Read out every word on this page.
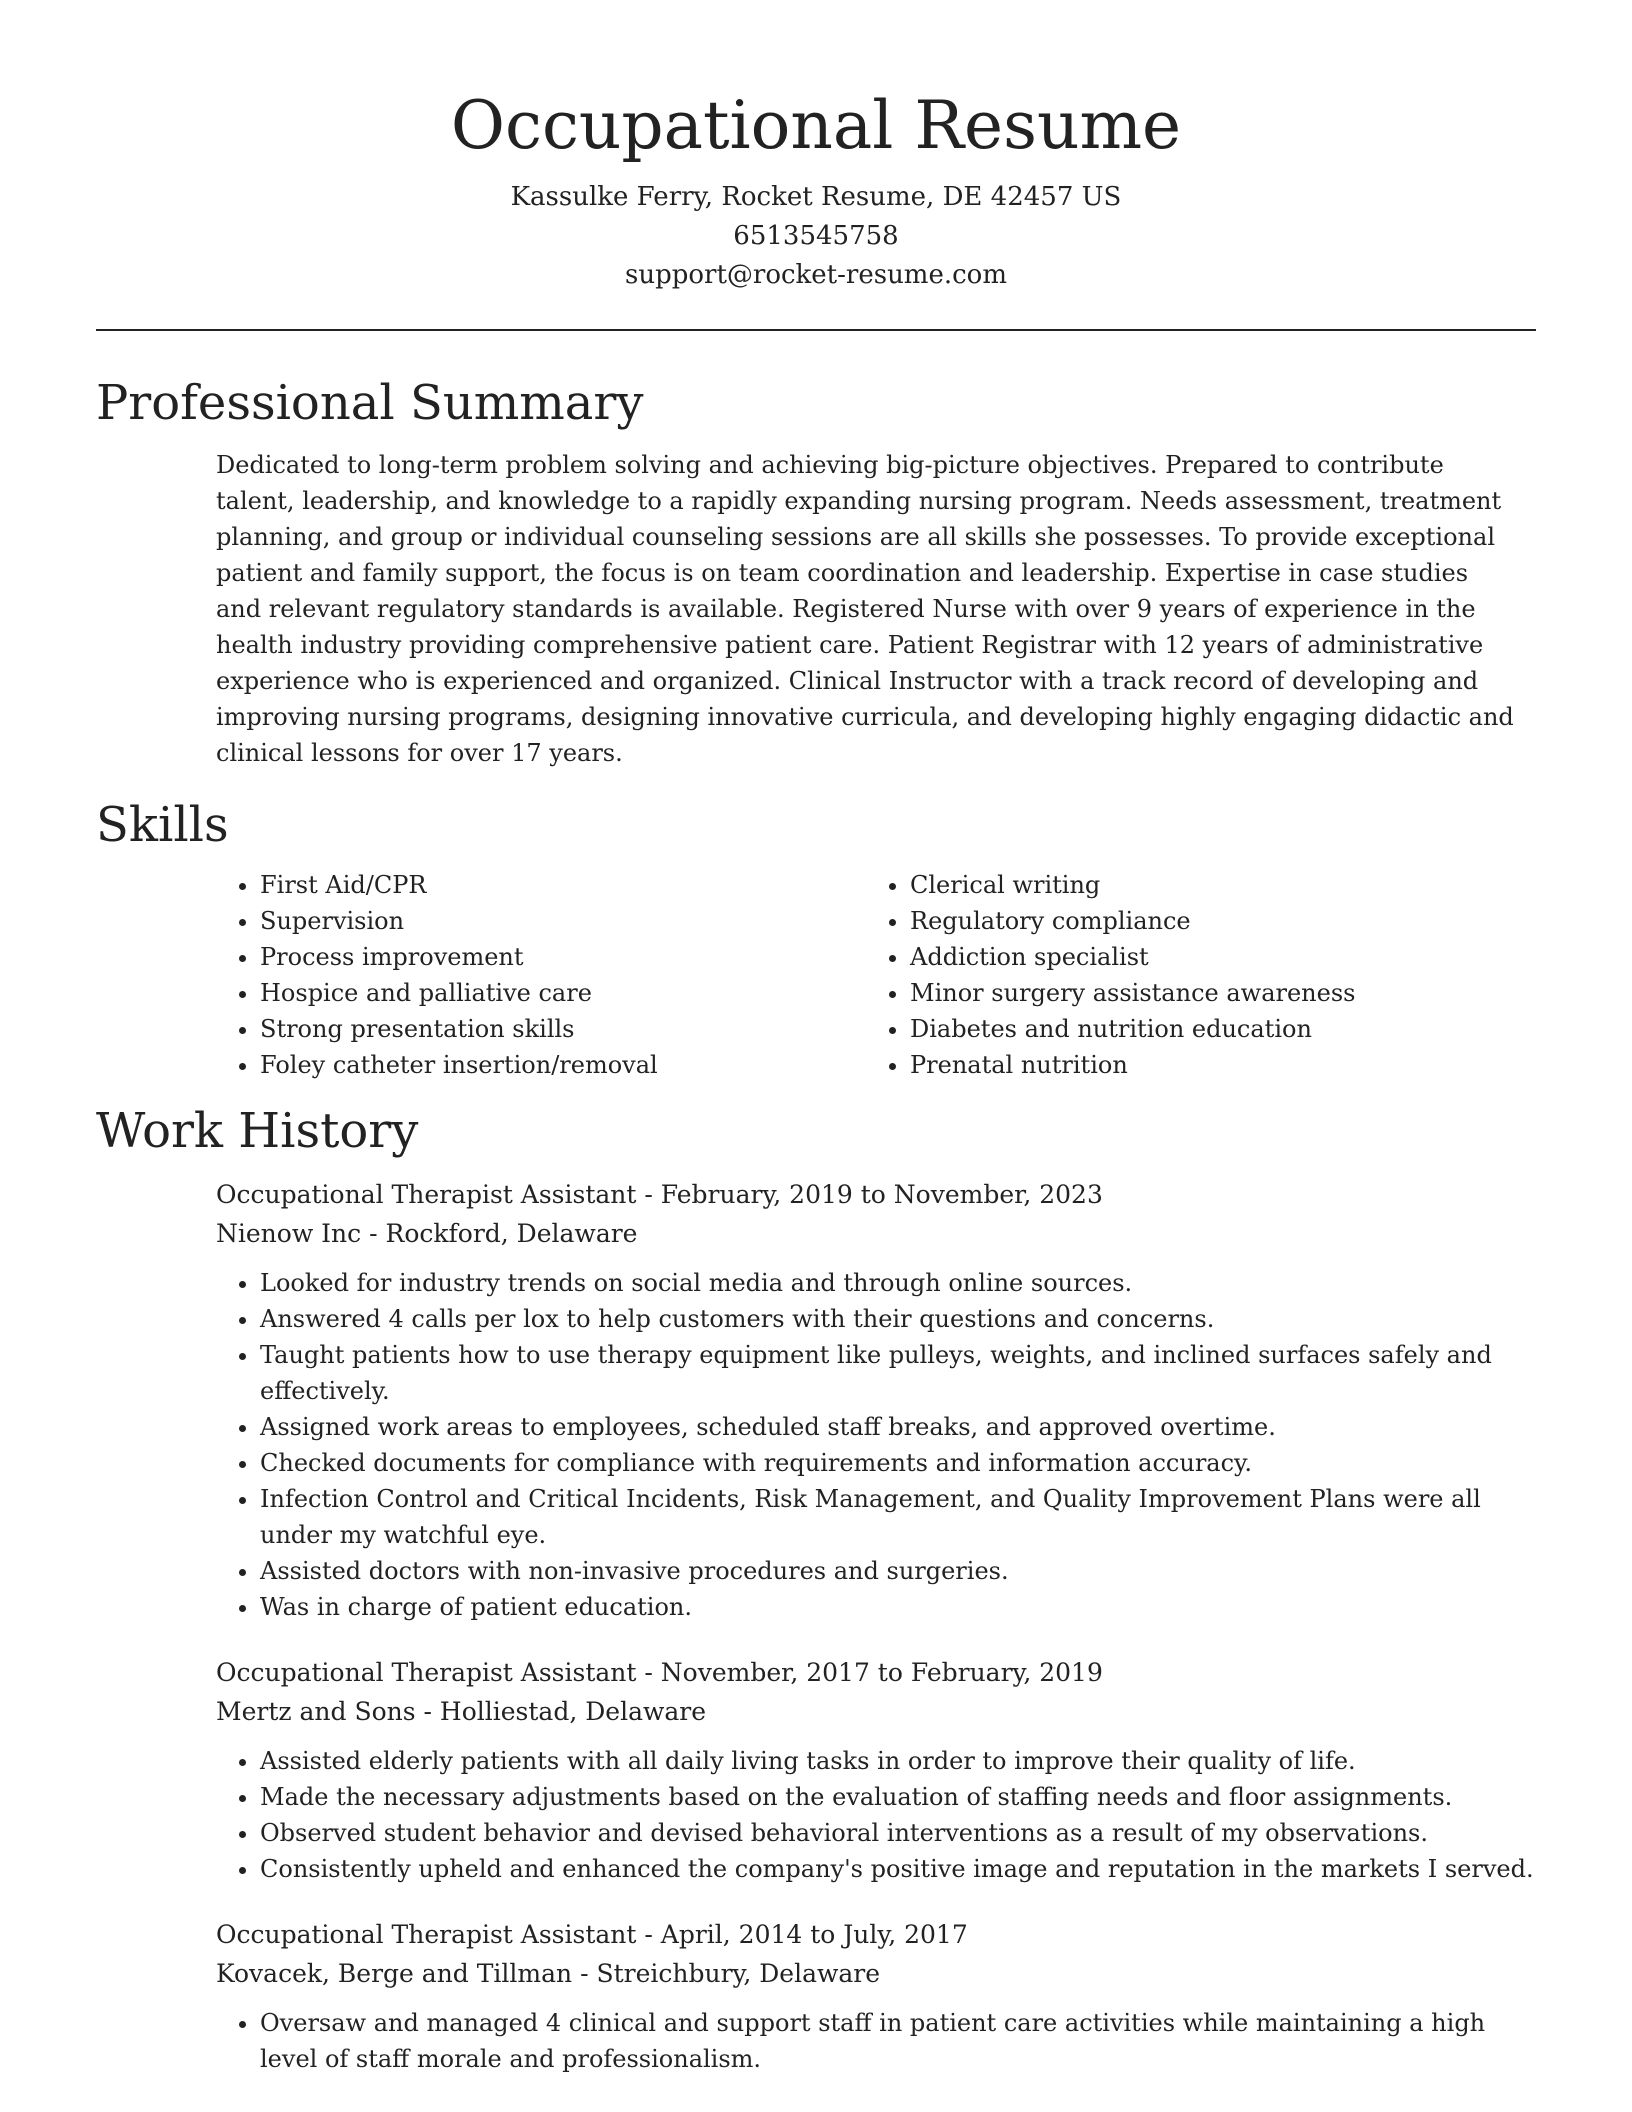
Occupational Resume

Kassulke Ferry, Rocket Resume, DE 42457 US

6513545758

support@rocket-resume.com

Professional Summary

Dedicated to long-term problem solving and achieving big-picture objectives. Prepared to contribute talent, leadership, and knowledge to a rapidly expanding nursing program. Needs assessment, treatment planning, and group or individual counseling sessions are all skills she possesses. To provide exceptional patient and family support, the focus is on team coordination and leadership. Expertise in case studies and relevant regulatory standards is available. Registered Nurse with over 9 years of experience in the health industry providing comprehensive patient care. Patient Registrar with 12 years of administrative experience who is experienced and organized. Clinical Instructor with a track record of developing and improving nursing programs, designing innovative curricula, and developing highly engaging didactic and clinical lessons for over 17 years.

Skills
• First Aid/CPR
• Supervision
• Process improvement
• Hospice and palliative care
• Strong presentation skills
• Foley catheter insertion/removal
• Clerical writing
• Regulatory compliance
• Addiction specialist
• Minor surgery assistance awareness
• Diabetes and nutrition education
• Prenatal nutrition
Work History

Occupational Therapist Assistant - February, 2019 to November, 2023

Nienow Inc - Rockford, Delaware

• Looked for industry trends on social media and through online sources.
• Answered 4 calls per lox to help customers with their questions and concerns.
• Taught patients how to use therapy equipment like pulleys, weights, and inclined surfaces safely and effectively.
• Assigned work areas to employees, scheduled staff breaks, and approved overtime.
• Checked documents for compliance with requirements and information accuracy.
• Infection Control and Critical Incidents, Risk Management, and Quality Improvement Plans were all under my watchful eye.
• Assisted doctors with non-invasive procedures and surgeries.
• Was in charge of patient education.

Occupational Therapist Assistant - November, 2017 to February, 2019

Mertz and Sons - Holliestad, Delaware

• Assisted elderly patients with all daily living tasks in order to improve their quality of life.
• Made the necessary adjustments based on the evaluation of staffing needs and floor assignments.
• Observed student behavior and devised behavioral interventions as a result of my observations.
• Consistently upheld and enhanced the company's positive image and reputation in the markets I served.

Occupational Therapist Assistant - April, 2014 to July, 2017

Kovacek, Berge and Tillman - Streichbury, Delaware

• Oversaw and managed 4 clinical and support staff in patient care activities while maintaining a high level of staff morale and professionalism.
